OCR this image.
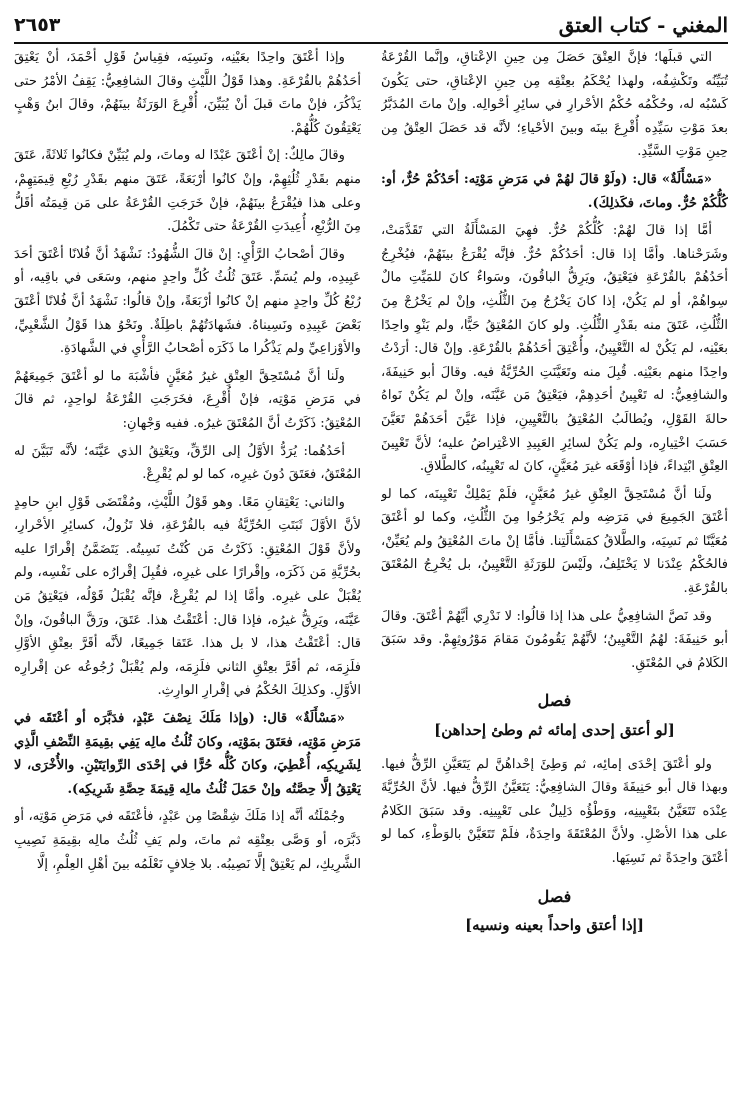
المغني - كتاب العتق
٢٦٥٣

التي قبلَها؛ فإنَّ العِتْقَ حَصَلَ مِن حِينِ الإعْتاقِ، وإنَّما القُرْعَةُ تُبَيِّنُه وتَكْشِفُه، ولهذا يُحْكَمُ بعِتْقِه مِن حِينِ الإعْتاقِ، حتى يَكُونَ كَسْبُه له، وحُكْمُه حُكْمُ الأحْرارِ في سائِرِ أحْوالِه. وإنْ ماتَ المُدَبَّرُ بعدَ مَوْتِ سَيِّدِه أُقْرِعَ بينَه وبينَ الأحْياءِ؛ لأنَّه قد حَصَلَ العِتْقُ مِن حِينِ مَوْتِ السَّيِّدِ.

«مَسْأَلَةٌ» قال: (ولَوْ قالَ لهُمْ في مَرَضِ مَوْتِه: أحَدُكُمْ حُرٌّ، أو: كُلُّكُمْ حُرٌّ. وماتَ، فكَذلِكَ).

أمَّا إذا قالَ لهُمْ: كُلُّكُمْ حُرٌّ. فهِيَ المَسْأَلَةُ التي تَقَدَّمَتْ، وشَرَحْناها. وأمَّا إذا قال: أحَدُكُمْ حُرٌّ. فإنَّه يُقْرَعُ بينَهُمْ، فيُخْرِجُ أحَدُهُمْ بالقُرْعَةِ فيَعْتِقُ، ويَرِقُّ الباقُونَ، وسَواءٌ كانَ للمَيِّتِ مالٌ سِواهُمْ، أو لم يَكُنْ، إذا كانَ يَخْرُجُ مِنَ الثُّلُثِ، وإنْ لم يَخْرُجْ مِنَ الثُّلُثِ، عَتَقَ منه بقَدْرِ الثُّلُثِ. ولو كانَ المُعْتِقُ حَيًّا، ولم يَنْوِ واحِدًا بعَيْنِه، لم يَكُنْ له التَّعْيِينُ، وأُعْتِقَ أحَدُهُمْ بالقُرْعَةِ. وإنْ قال: أرَدْتُ واحِدًا منهم بعَيْنِه. قُبِلَ منه وتَعَيَّنَتِ الحُرِّيَّةُ فيه. وقالَ أبو حَنِيفَةَ، والشافِعِيُّ: له تَعْيِينُ أحَدِهِمْ، فيَعْتِقُ مَن عَيَّنَه، وإنْ لم يَكُنْ نَواهُ حالةَ القَوْلِ، ويُطالَبُ المُعْتِقُ بالتَّعْيِينِ، فإذا عَيَّنَ أحَدَهُمْ تَعَيَّنَ حَسَبَ اخْتِيارِه، ولم يَكُنْ لسائِرِ العَبِيدِ الاعْتِراضُ عليه؛ لأنَّ تَعْيِينَ العِتْقِ ابْتِداءً، فإذا أوْقَعَه غيرَ مُعَيَّنٍ، كانَ له تَعْيِينُه، كالطَّلاقِ.

ولَنا أنَّ مُسْتَحِقَّ العِتْقِ غيرُ مُعَيَّنٍ، فلَمْ يَمْلِكْ تَعْيِينَه، كما لو أعْتَقَ الجَمِيعَ في مَرَضِه ولم يَخْرُجُوا مِنَ الثُّلُثِ، وكما لو أعْتَقَ مُعَيَّنًا ثم نَسِيَه، والطَّلاقُ كمَسْأَلَتِنا. فأمَّا إنْ ماتَ المُعْتِقُ ولم يُعَيِّنْ، فالحُكْمُ عِنْدَنا لا يَخْتَلِفُ، ولَيْسَ للوَرَثَةِ التَّعْيِينُ، بل يُخْرِجُ المُعْتَقَ بالقُرْعَةِ.

وقد نَصَّ الشافِعِيُّ على هذا إذا قالُوا: لا نَدْرِي أيَّهُمْ أعْتَقَ. وقالَ أبو حَنِيفَةَ: لهُمُ التَّعْيِينُ؛ لأنَّهُمْ يَقُومُونَ مَقامَ مَوْرُوثِهِمْ. وقد سَبَقَ الكَلامُ في المُعْتَقِ.

فصل
[لو أعتق إحدى إمائه ثم وطئ إحداهن]

ولو أعْتَقَ إحْدَى إمائِه، ثم وَطِئَ إحْداهُنَّ لم يَتَعَيَّنِ الرِّقُّ فيها. وبهذا قال أبو حَنِيفَةَ وقالَ الشافِعِيُّ: يَتَعَيَّنُ الرِّقُّ فيها. لأنَّ الحُرِّيَّةَ عِنْدَه تَتَعَيَّنُ بتَعْيِينِه، ووَطْؤُه دَلِيلٌ على تَعْيِينِه. وقد سَبَقَ الكَلامُ على هذا الأصْلِ. ولأنَّ المُعْتَقَةَ واحِدَةٌ، فلَمْ تَتَعَيَّنْ بالوَطْءِ، كما لو أعْتَقَ واحِدَةً ثم نَسِيَها.

فصل
[إذا أعتق واحداً بعينه ونسيه]

وإذا أعْتَقَ واحِدًا بعَيْنِه، ونَسِيَه، فقِياسُ قَوْلِ أحْمَدَ، أنْ يَعْتِقَ أحَدُهُمْ بالقُرْعَةِ. وهذا قَوْلُ اللَّيْثِ وقالَ الشافِعِيُّ: يَقِفُ الأمْرُ حتى يَذْكُرَ، فإنْ ماتَ قبلَ أنْ يُبَيِّنَ، أُقْرِعَ الوَرَثَةُ بينَهُمْ، وقالَ ابنُ وَهْبٍ يَعْتِقُونَ كُلُّهُمْ.

وقالَ مالِكٌ: إنْ أعْتَقَ عَبْدًا له وماتَ، ولم يُبَيِّنْ فكانُوا ثَلاثَةً، عَتَقَ منهم بقَدْرِ ثُلُثِهِمْ، وإنْ كانُوا أرْبَعَةً، عَتَقَ منهم بقَدْرِ رُبْعِ قِيمَتِهِمْ، وعلى هذا فيُقْرَعُ بينَهُمْ، فإنْ خَرَجَتِ القُرْعَةُ على مَن قِيمَتُه أقَلُّ مِنَ الرُّبْعِ، أُعِيدَتِ القُرْعَةُ حتى تَكْمُلَ.

وقالَ أصْحابُ الرَّأْيِ: إنْ قالَ الشُّهُودُ: نَشْهَدُ أنَّ فُلانًا أعْتَقَ أحَدَ عَبِيدِه، ولم يُسَمِّ. عَتَقَ ثُلُثُ كُلِّ واحِدٍ منهم، وسَعَى في باقِيه، أو رُبْعُ كُلِّ واحِدٍ منهم إنْ كانُوا أرْبَعَةً، وإنْ قالُوا: نَشْهَدُ أنَّ فُلانًا أعْتَقَ بَعْضَ عَبِيدِه ونَسِيناهُ. فشَهادَتُهُمْ باطِلَةٌ. ونَحْوُ هذا قَوْلُ الشَّعْبِيِّ، والأوْزاعِيِّ ولم يَذْكُرا ما ذَكَرَه أصْحابُ الرَّأْيِ في الشَّهادَةِ.

ولَنا أنَّ مُسْتَحِقَّ العِتْقِ غيرُ مُعَيَّنٍ فأشْبَهَ ما لو أعْتَقَ جَمِيعَهُمْ في مَرَضِ مَوْتِه، فإنْ أُقْرِعَ، فخَرَجَتِ القُرْعَةُ لواحِدٍ، ثم قالَ المُعْتِقُ: ذَكَرْتُ أنَّ المُعْتَقَ غيرُه. ففيه وَجْهانِ:

أحَدُهُما: يُرَدُّ الأوَّلُ إلى الرِّقِّ، ويَعْتِقُ الذي عَيَّنَه؛ لأنَّه تَبَيَّنَ له المُعْتَقُ، فعَتَقَ دُونَ غيرِه، كما لو لم يُقْرِعْ.

والثاني: يَعْتِقانِ مَعًا. وهو قَوْلُ اللَّيْثِ، ومُقْتَضَى قَوْلِ ابنِ حامِدٍ لأنَّ الأوَّلَ ثَبَتَتِ الحُرِّيَّةُ فيه بالقُرْعَةِ، فلا تَزُولُ، كسائِرِ الأحْرارِ، ولأنَّ قَوْلَ المُعْتِقِ: ذَكَرْتُ مَن كُنْتُ نَسِيتُه. يَتَضَمَّنُ إقْرارًا عليه بحُرِّيَّةِ مَن ذَكَرَه، وإقْرارًا على غيرِه، فقُبِلَ إقْرارُه على نَفْسِه، ولم يُقْبَلْ على غيرِه. وأمَّا إذا لم يُقْرِعْ، فإنَّه يُقْبَلُ قَوْلُه، فيَعْتِقُ مَن عَيَّنَه، ويَرِقُّ غيرُه، فإذا قال: أعْتَقْتُ هذا. عَتَقَ، ورَقَّ الباقُونَ، وإنْ قال: أعْتَقْتُ هذا، لا بل هذا. عَتَقا جَمِيعًا، لأنَّه أقَرَّ بعِتْقِ الأوَّلِ فلَزِمَه، ثم أقَرَّ بعِتْقِ الثاني فلَزِمَه، ولم يُقْبَلْ رُجُوعُه عن إقْرارِه الأوَّلِ. وكذلِكَ الحُكْمُ في إقْرارِ الوارِثِ.

«مَسْأَلَةٌ» قال: (وإذا مَلَكَ نِصْفَ عَبْدٍ، فدَبَّرَه أو أعْتَقَه في مَرَضِ مَوْتِه، فعَتَقَ بمَوْتِه، وكانَ ثُلُثُ مالِه يَفِي بقِيمَةِ النِّصْفِ الَّذِي لِشَرِيكِه، أُعْطِيَ، وكانَ كُلُّه حُرًّا في إحْدَى الرِّوايَتَيْنِ. والأُخْرَى، لا يَعْتِقُ إلَّا حِصَّتُه وإنْ حَمَلَ ثُلُثُ مالِه قِيمَةَ حِصَّةِ شَرِيكِه).

وجُمْلَتُه أنَّه إذا مَلَكَ شِقْصًا مِن عَبْدٍ، فأعْتَقَه في مَرَضِ مَوْتِه، أو دَبَّرَه، أو وَصَّى بعِتْقِه ثم ماتَ، ولم يَفِ ثُلُثُ مالِه بقِيمَةِ نَصِيبِ الشَّرِيكِ، لم يَعْتِقْ إلَّا نَصِيبُه. بلا خِلافٍ نَعْلَمُه بينَ أهْلِ العِلْمِ، إلَّا
